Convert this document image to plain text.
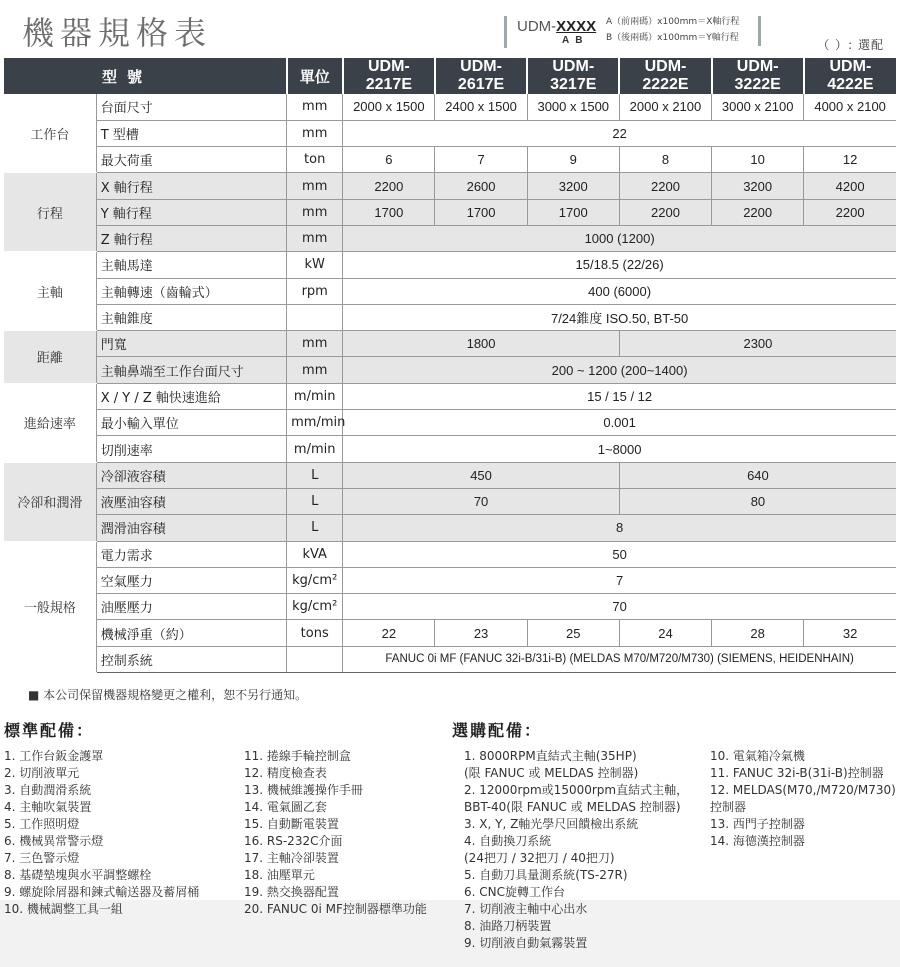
機器規格表	UDM-XXXX
AB
A（前兩碼）x100mm＝X軸行程
B（後兩碼）x100mm＝Y軸行程	（ ）: 選配
型號		單位	UDM-2217E	UDM-2617E	UDM-3217E	UDM-2222E	UDM-3222E	UDM-4222E
工作台	台面尺寸	mm	2000 x 1500	2400 x 1500	3000 x 1500	2000 x 2100	3000 x 2100	4000 x 2100
	T 型槽	mm	22					
	最大荷重	ton	6	7	9	8	10	12
行程	X 軸行程	mm	2200	2600	3200	2200	3200	4200
	Y 軸行程	mm	1700	1700	1700	2200	2200	2200
	Z 軸行程	mm	1000 (1200)					
主軸	主軸馬達	kW	15/18.5 (22/26)					
	主軸轉速（齒輪式）	rpm	400 (6000)					
	主軸錐度		7/24錐度 ISO.50, BT-50					
距離	門寬	mm	1800			2300		
	主軸鼻端至工作台面尺寸	mm	200 ~ 1200 (200~1400)					
進給速率	X / Y / Z 軸快速進給	m/min	15 / 15 / 12					
	最小輸入單位	mm/min	0.001					
	切削速率	m/min	1~8000					
冷卻和潤滑	冷卻液容積	L	450			640		
	液壓油容積	L	70			80		
	潤滑油容積	L	8					
一般規格	電力需求	kVA	50					
	空氣壓力	kg/cm²	7					
	油壓壓力	kg/cm²	70					
	機械淨重（約）	tons	22	23	25	24	28	32
	控制系統		FANUC 0i MF (FANUC 32i-B/31i-B) (MELDAS M70/M720/M730) (SIEMENS, HEIDENHAIN)					
■ 本公司保留機器規格變更之權利，恕不另行通知。
標準配備：
1. 工作台鈑金護罩
2. 切削液單元
3. 自動潤滑系統
4. 主軸吹氣裝置
5. 工作照明燈
6. 機械異常警示燈
7. 三色警示燈
8. 基礎墊塊與水平調整螺栓
9. 螺旋除屑器和鍊式輸送器及蓄屑桶
10. 機械調整工具一組
11. 捲線手輪控制盒
12. 精度檢查表
13. 機械維護操作手冊
14. 電氣圖乙套
15. 自動斷電裝置
16. RS-232C介面
17. 主軸冷卻裝置
18. 油壓單元
19. 熱交換器配置
20. FANUC 0i MF控制器標準功能
選購配備：
1. 8000RPM直結式主軸(35HP)
(限 FANUC 或 MELDAS 控制器)
2. 12000rpm或15000rpm直結式主軸，
BBT-40(限 FANUC 或 MELDAS 控制器)
3. X, Y, Z軸光學尺回饋檢出系統
4. 自動換刀系統
(24把刀 / 32把刀 / 40把刀)
5. 自動刀具量測系統(TS-27R)
6. CNC旋轉工作台
7. 切削液主軸中心出水
8. 油路刀柄裝置
9. 切削液自動氣霧裝置
10. 電氣箱冷氣機
11. FANUC 32i-B(31i-B)控制器
12. MELDAS(M70,/M720/M730)
控制器
13. 西門子控制器
14. 海德漢控制器
